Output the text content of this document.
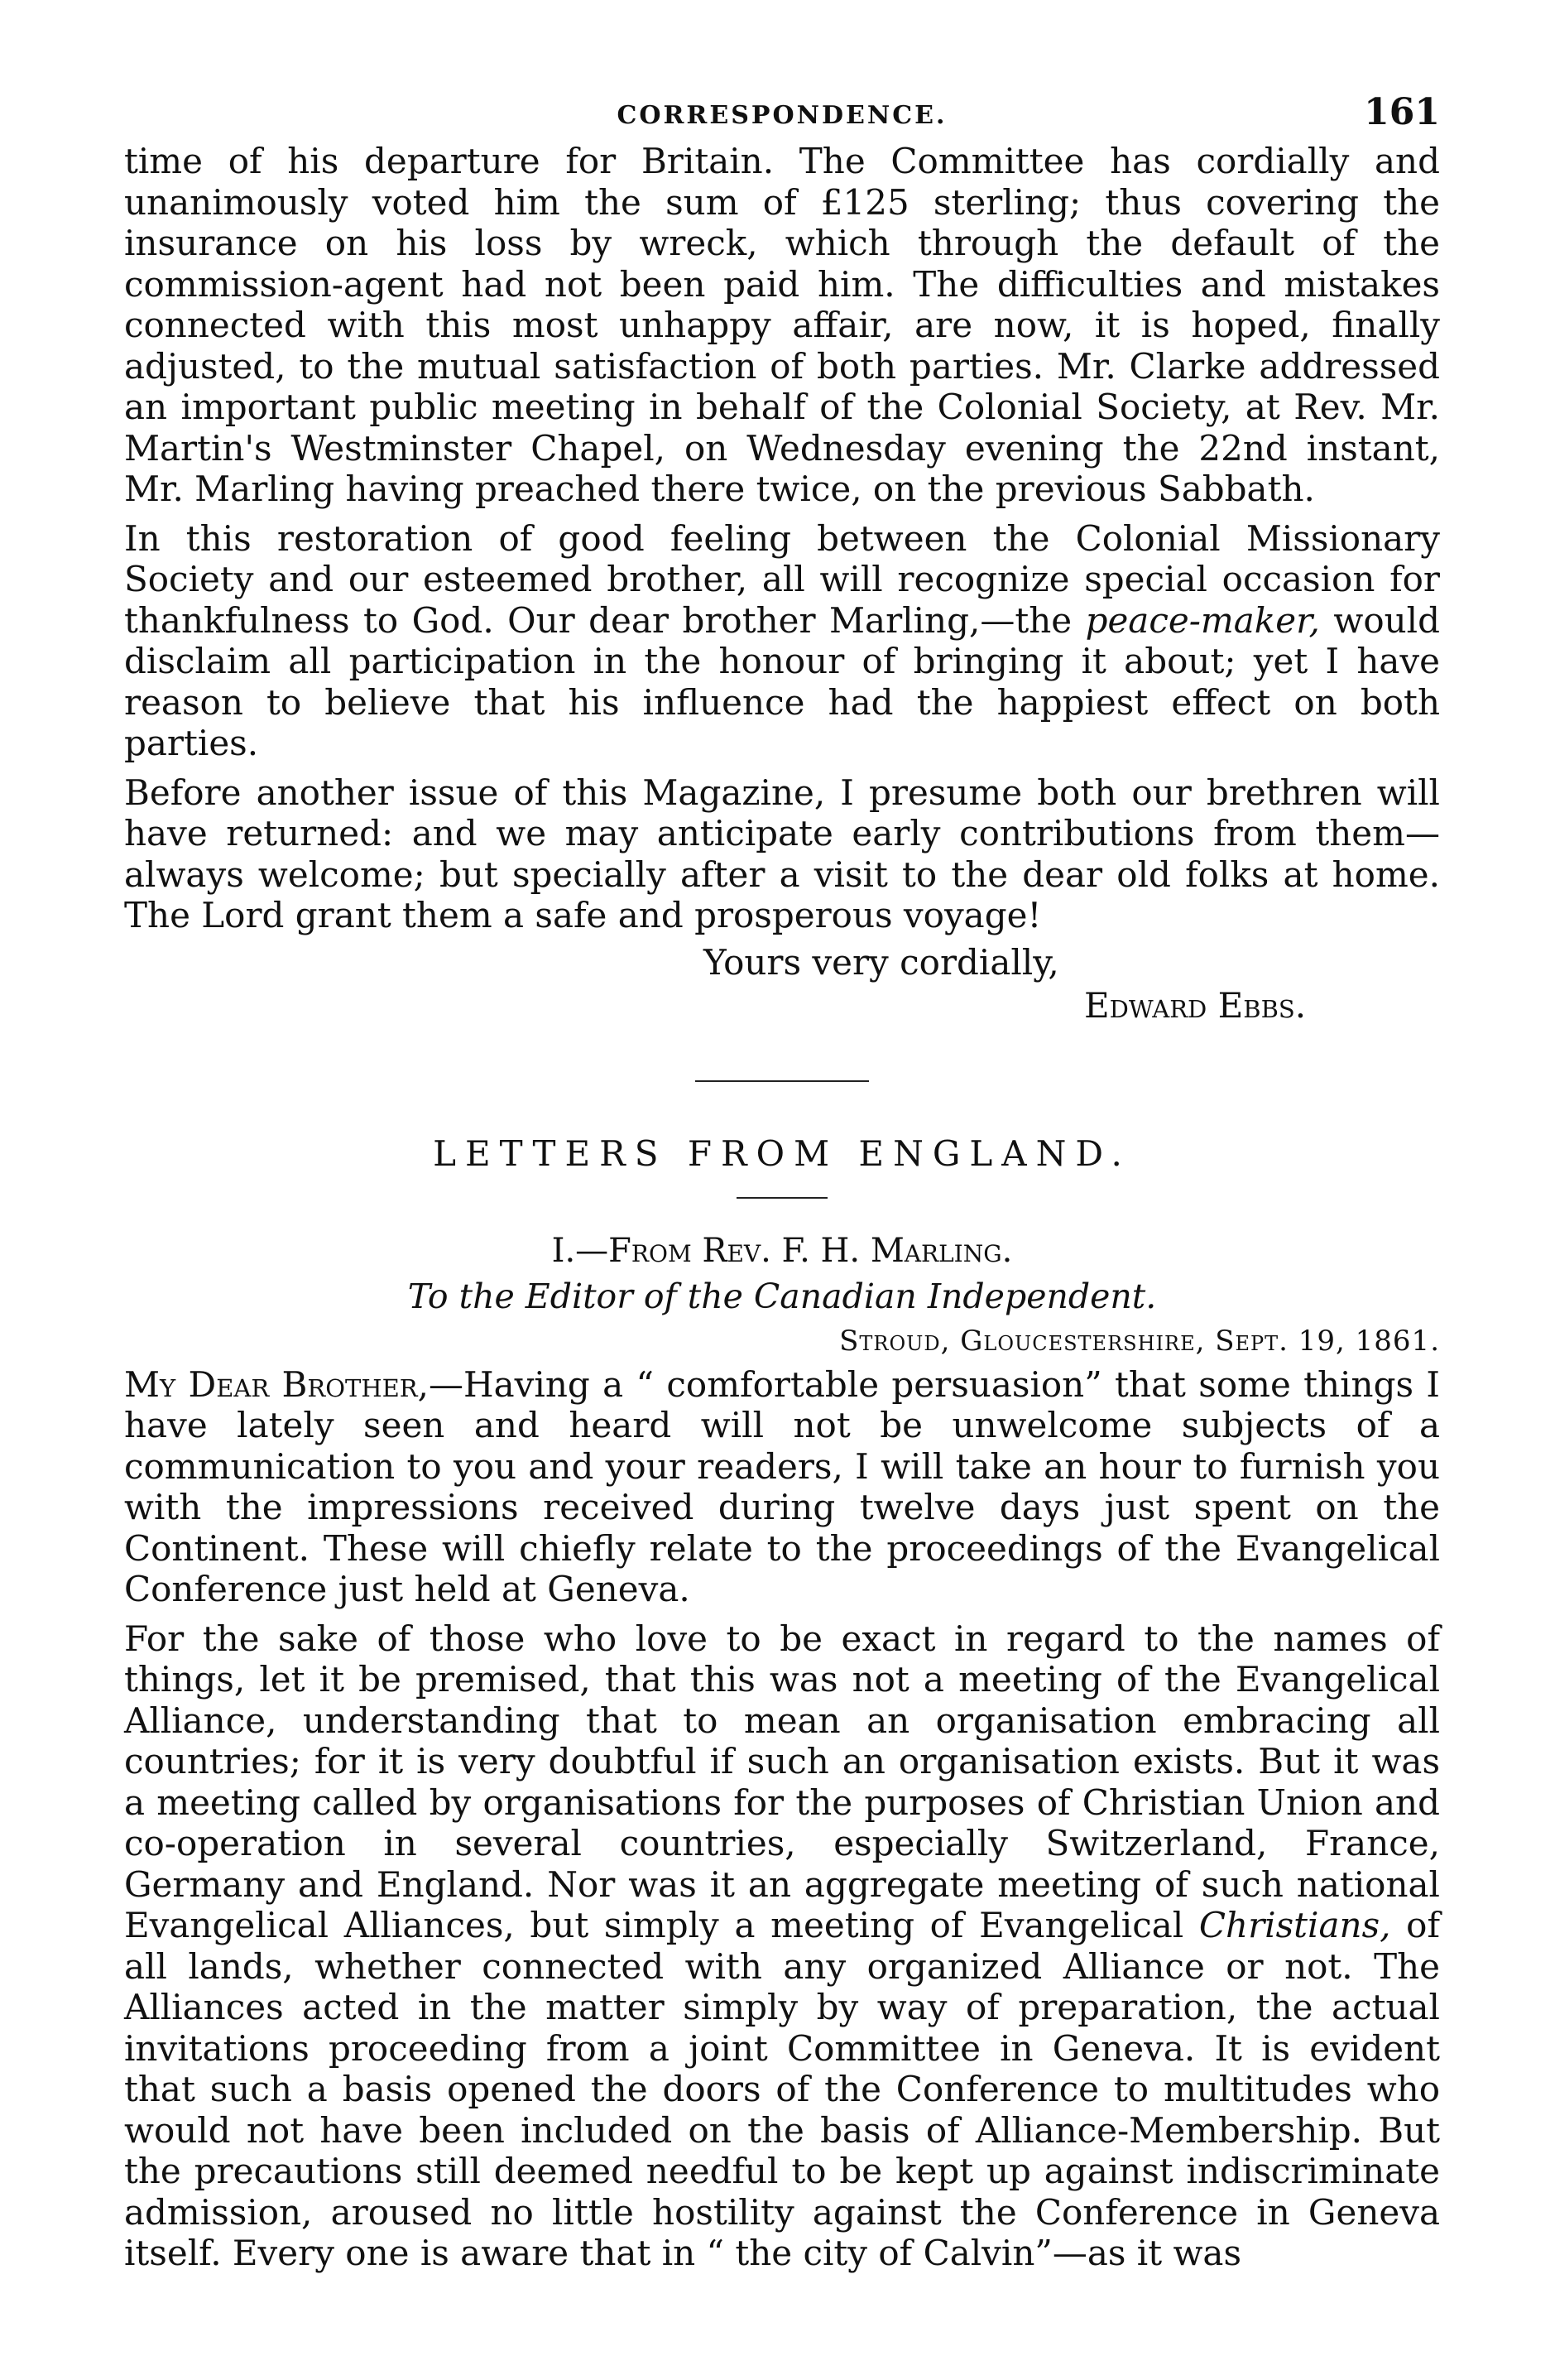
CORRESPONDENCE.	161

time of his departure for Britain. The Committee has cordially and unanimously voted him the sum of £125 sterling; thus covering the insurance on his loss by wreck, which through the default of the commission-agent had not been paid him. The difficulties and mistakes connected with this most unhappy affair, are now, it is hoped, finally adjusted, to the mutual satisfaction of both parties. Mr. Clarke addressed an important public meeting in behalf of the Colonial Society, at Rev. Mr. Martin's Westminster Chapel, on Wednesday evening the 22nd instant, Mr. Marling having preached there twice, on the previous Sabbath.

In this restoration of good feeling between the Colonial Missionary Society and our esteemed brother, all will recognize special occasion for thankfulness to God. Our dear brother Marling,—the peace-maker, would disclaim all participation in the honour of bringing it about; yet I have reason to believe that his influence had the happiest effect on both parties.

Before another issue of this Magazine, I presume both our brethren will have returned: and we may anticipate early contributions from them—always welcome; but specially after a visit to the dear old folks at home. The Lord grant them a safe and prosperous voyage!

Yours very cordially,
Edward Ebbs.
LETTERS FROM ENGLAND.
I.—From Rev. F. H. Marling.
To the Editor of the Canadian Independent.
Stroud, Gloucestershire, Sept. 19, 1861.

My Dear Brother,—Having a “ comfortable persuasion” that some things I have lately seen and heard will not be unwelcome subjects of a communication to you and your readers, I will take an hour to furnish you with the impressions received during twelve days just spent on the Continent. These will chiefly relate to the proceedings of the Evangelical Conference just held at Geneva.

For the sake of those who love to be exact in regard to the names of things, let it be premised, that this was not a meeting of the Evangelical Alliance, understanding that to mean an organisation embracing all countries; for it is very doubtful if such an organisation exists. But it was a meeting called by organisations for the purposes of Christian Union and co-operation in several countries, especially Switzerland, France, Germany and England. Nor was it an aggregate meeting of such national Evangelical Alliances, but simply a meeting of Evangelical Christians, of all lands, whether connected with any organized Alliance or not. The Alliances acted in the matter simply by way of preparation, the actual invitations proceeding from a joint Committee in Geneva. It is evident that such a basis opened the doors of the Conference to multitudes who would not have been included on the basis of Alliance-Membership. But the precautions still deemed needful to be kept up against indiscriminate admission, aroused no little hostility against the Conference in Geneva itself. Every one is aware that in “ the city of Calvin”—as it was
